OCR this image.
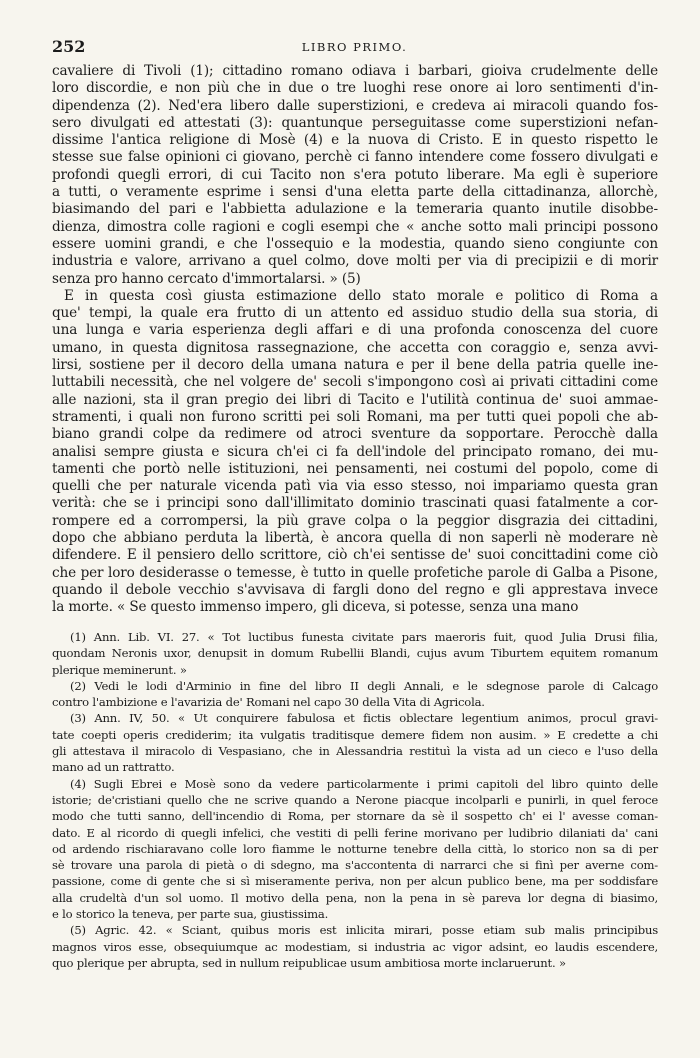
252	LIBRO PRIMO.
cavaliere di Tivoli (1); cittadino romano odiava i barbari, gioiva crudelmente delle
loro discordie, e non più che in due o tre luoghi rese onore ai loro sentimenti d'in-
dipendenza (2). Ned'era libero dalle superstizioni, e credeva ai miracoli quando fos-
sero divulgati ed attestati (3): quantunque perseguitasse come superstizioni nefan-
dissime l'antica religione di Mosè (4) e la nuova di Cristo. E in questo rispetto le
stesse sue false opinioni ci giovano, perchè ci fanno intendere come fossero divulgati e
profondi quegli errori, di cui Tacito non s'era potuto liberare. Ma egli è superiore
a tutti, o veramente esprime i sensi d'una eletta parte della cittadinanza, allorchè,
biasimando del pari e l'abbietta adulazione e la temeraria quanto inutile disobbe-
dienza, dimostra colle ragioni e cogli esempi che « anche sotto mali principi possono
essere uomini grandi, e che l'ossequio e la modestia, quando sieno congiunte con
industria e valore, arrivano a quel colmo, dove molti per via di precipizii e di morir
senza pro hanno cercato d'immortalarsi. » (5)
E in questa così giusta estimazione dello stato morale e politico di Roma a
que' tempi, la quale era frutto di un attento ed assiduo studio della sua storia, di
una lunga e varia esperienza degli affari e di una profonda conoscenza del cuore
umano, in questa dignitosa rassegnazione, che accetta con coraggio e, senza avvi-
lirsi, sostiene per il decoro della umana natura e per il bene della patria quelle ine-
luttabili necessità, che nel volgere de' secoli s'impongono così ai privati cittadini come
alle nazioni, sta il gran pregio dei libri di Tacito e l'utilità continua de' suoi ammae-
stramenti, i quali non furono scritti pei soli Romani, ma per tutti quei popoli che ab-
biano grandi colpe da redimere od atroci sventure da sopportare. Perocchè dalla
analisi sempre giusta e sicura ch'ei ci fa dell'indole del principato romano, dei mu-
tamenti che portò nelle istituzioni, nei pensamenti, nei costumi del popolo, come di
quelli che per naturale vicenda patì via via esso stesso, noi impariamo questa gran
verità: che se i principi sono dall'illimitato dominio trascinati quasi fatalmente a cor-
rompere ed a corrompersi, la più grave colpa o la peggior disgrazia dei cittadini,
dopo che abbiano perduta la libertà, è ancora quella di non saperli nè moderare nè
difendere. E il pensiero dello scrittore, ciò ch'ei sentisse de' suoi concittadini come ciò
che per loro desiderasse o temesse, è tutto in quelle profetiche parole di Galba a Pisone,
quando il debole vecchio s'avvisava di fargli dono del regno e gli apprestava invece
la morte. « Se questo immenso impero, gli diceva, si potesse, senza una mano
(1) Ann. Lib. VI. 27. « Tot luctibus funesta civitate pars maeroris fuit, quod Julia Drusi filia,
quondam Neronis uxor, denupsit in domum Rubellii Blandi, cujus avum Tiburtem equitem romanum
plerique meminerunt. »
(2) Vedi le lodi d'Arminio in fine del libro II degli Annali, e le sdegnose parole di Calcago
contro l'ambizione e l'avarizia de' Romani nel capo 30 della Vita di Agricola.
(3) Ann. IV, 50. « Ut conquirere fabulosa et fictis oblectare legentium animos, procul gravi-
tate coepti operis crediderim; ita vulgatis traditisque demere fidem non ausim. » E credette a chi
gli attestava il miracolo di Vespasiano, che in Alessandria restituì la vista ad un cieco e l'uso della
mano ad un rattratto.
(4) Sugli Ebrei e Mosè sono da vedere particolarmente i primi capitoli del libro quinto delle
istorie; de'cristiani quello che ne scrive quando a Nerone piacque incolparli e punirli, in quel feroce
modo che tutti sanno, dell'incendio di Roma, per stornare da sè il sospetto ch' ei l' avesse coman-
dato. E al ricordo di quegli infelici, che vestiti di pelli ferine morivano per ludibrio dilaniati da' cani
od ardendo rischiaravano colle loro fiamme le notturne tenebre della città, lo storico non sa di per
sè trovare una parola di pietà o di sdegno, ma s'accontenta di narrarci che si finì per averne com-
passione, come di gente che si sì miseramente periva, non per alcun publico bene, ma per soddisfare
alla crudeltà d'un sol uomo. Il motivo della pena, non la pena in sè pareva lor degna di biasimo,
e lo storico la teneva, per parte sua, giustissima.
(5) Agric. 42. « Sciant, quibus moris est inlicita mirari, posse etiam sub malis principibus
magnos viros esse, obsequiumque ac modestiam, si industria ac vigor adsint, eo laudis escendere,
quo plerique per abrupta, sed in nullum reipublicae usum ambitiosa morte inclaruerunt. »
